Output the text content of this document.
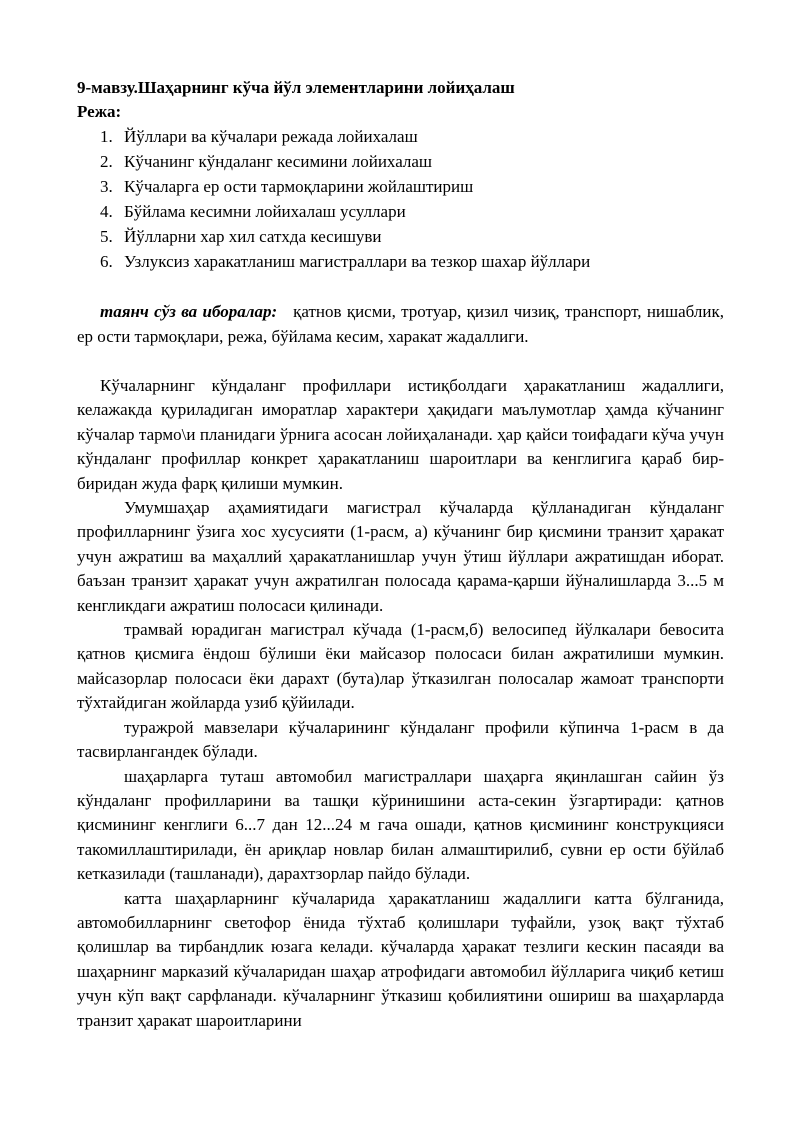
9-мавзу.Шаҳарнинг кўча йўл элементларини лойиҳалаш

Режа:

1. Йўллари ва кўчалари режада лойихалаш
2. Кўчанинг кўндаланг кесимини лойихалаш
3. Кўчаларга ер ости тармоқларини жойлаштириш
4. Бўйлама кесимни лойихалаш усуллари
5. Йўлларни хар хил сатхда кесишуви
6. Узлуксиз харакатланиш магистраллари ва тезкор шахар йўллари

таянч сўз ва иборалар: қатнов қисми, тротуар, қизил чизиқ, транспорт, нишаблик, ер ости тармоқлари, режа, бўйлама кесим, харакат жадаллиги.

Кўчаларнинг кўндаланг профиллари истиқболдаги ҳаракатланиш жадаллиги, келажакда қуриладиган иморатлар характери ҳақидаги маълумотлар ҳамда кўчанинг кўчалар тармо\и планидаги ўрнига асосан лойиҳаланади. ҳар қайси тоифадаги кўча учун кўндаланг профиллар конкрет ҳаракатланиш шароитлари ва кенглигига қараб бир-биридан жуда фарқ қилиши мумкин.

Умумшаҳар аҳамиятидаги магистрал кўчаларда қўлланадиган кўндаланг профилларнинг ўзига хос хусусияти (1-расм, а) кўчанинг бир қисмини транзит ҳаракат учун ажратиш ва маҳаллий ҳаракатланишлар учун ўтиш йўллари ажратишдан иборат. баъзан транзит ҳаракат учун ажратилган полосада қарама-қарши йўналишларда 3...5 м кенгликдаги ажратиш полосаси қилинади.

трамвай юрадиган магистрал кўчада (1-расм,б) велосипед йўлкалари бевосита қатнов қисмига ёндош бўлиши ёки майсазор полосаси билан ажратилиши мумкин. майсазорлар полосаси ёки дарахт (бута)лар ўтказилган полосалар жамоат транспорти тўхтайдиган жойларда узиб қўйилади.

туражрой мавзелари кўчаларининг кўндаланг профили кўпинча 1-расм в да тасвирлангандек бўлади.

шаҳарларга туташ автомобил магистраллари шаҳарга яқинлашган сайин ўз кўндаланг профилларини ва ташқи кўринишини аста-секин ўзгартиради: қатнов қисмининг кенглиги 6...7 дан 12...24 м гача ошади, қатнов қисмининг конструкцияси такомиллаштирилади, ён ариқлар новлар билан алмаштирилиб, сувни ер ости бўйлаб кетказилади (ташланади), дарахтзорлар пайдо бўлади.

катта шаҳарларнинг кўчаларида ҳаракатланиш жадаллиги катта бўлганида, автомобилларнинг светофор ёнида тўхтаб қолишлари туфайли, узоқ вақт тўхтаб қолишлар ва тирбандлик юзага келади. кўчаларда ҳаракат тезлиги кескин пасаяди ва шаҳарнинг марказий кўчаларидан шаҳар атрофидаги автомобил йўлларига чиқиб кетиш учун кўп вақт сарфланади. кўчаларнинг ўтказиш қобилиятини ошириш ва шаҳарларда транзит ҳаракат шароитларини
